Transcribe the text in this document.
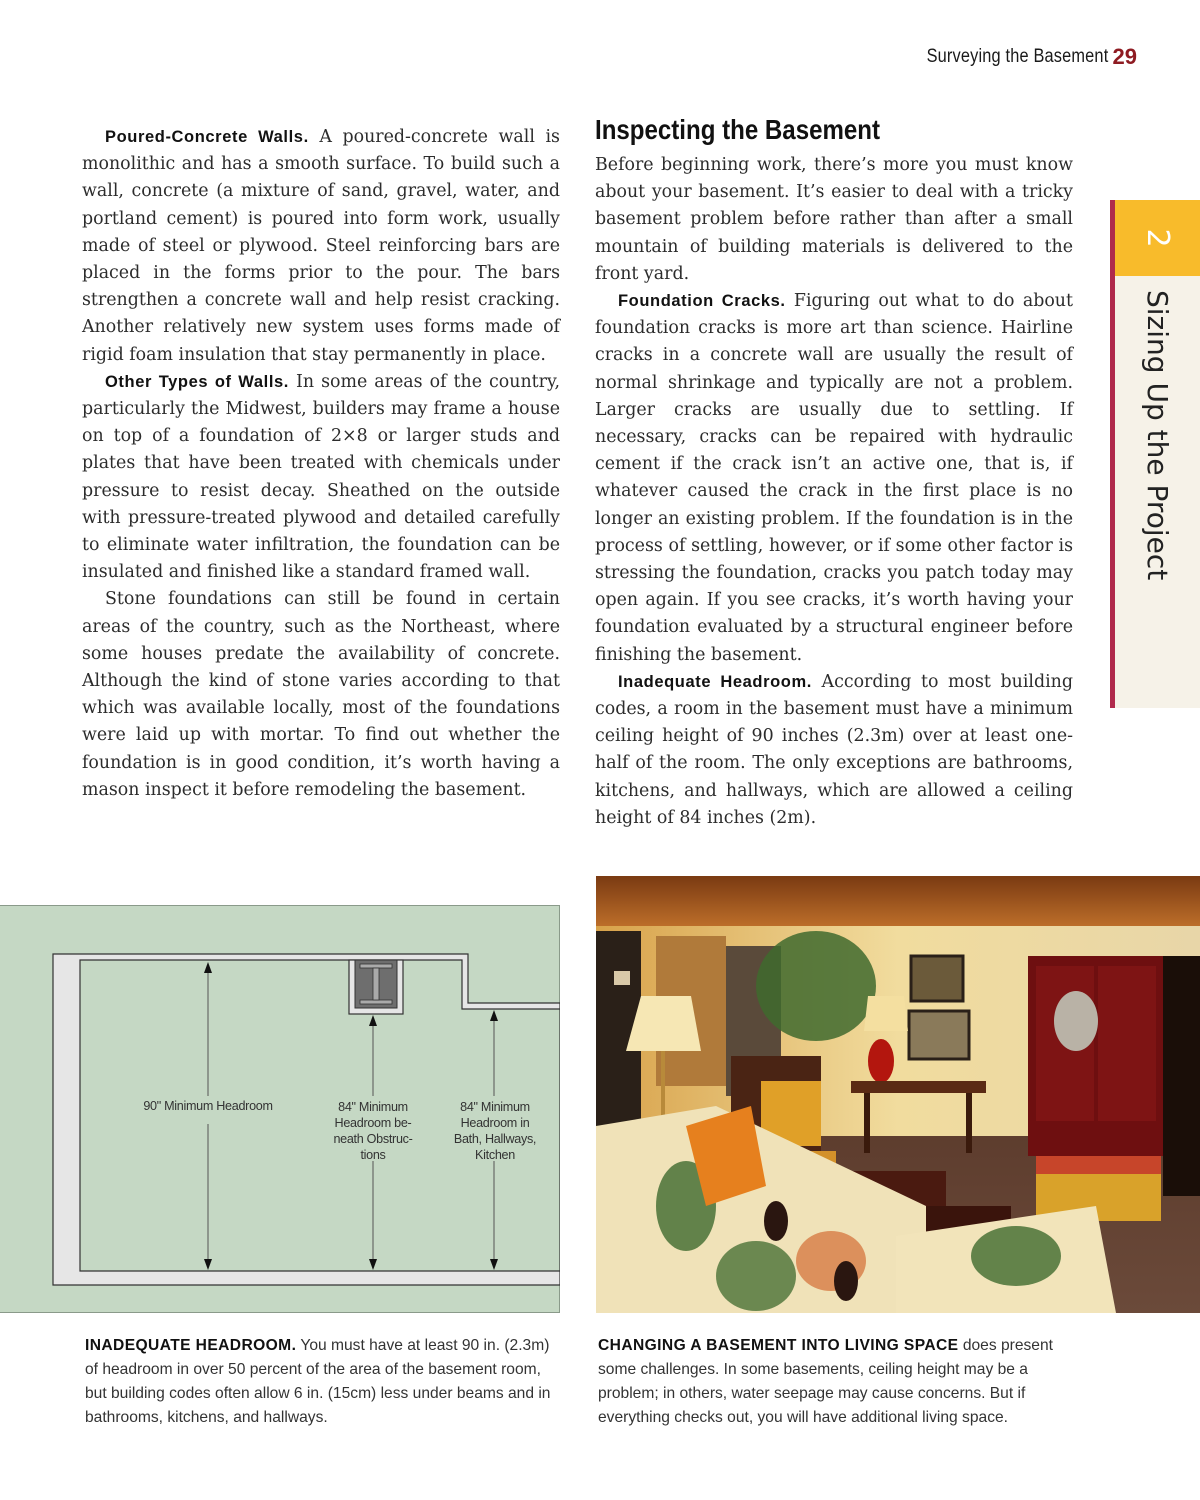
Surveying the Basement 29

Poured-Concrete Walls. A poured-concrete wall is monolithic and has a smooth surface. To build such a wall, concrete (a mixture of sand, gravel, water, and portland cement) is poured into form work, usually made of steel or plywood. Steel reinforcing bars are placed in the forms prior to the pour. The bars strengthen a concrete wall and help resist cracking. Another relatively new system uses forms made of rigid foam insulation that stay permanently in place.

Other Types of Walls. In some areas of the country, particularly the Midwest, builders may frame a house on top of a foundation of 2×8 or larger studs and plates that have been treated with chemicals under pressure to resist decay. Sheathed on the outside with pressure-treated plywood and detailed carefully to eliminate water infiltration, the foundation can be insulated and finished like a standard framed wall.

Stone foundations can still be found in certain areas of the country, such as the Northeast, where some houses predate the availability of concrete. Although the kind of stone varies according to that which was available locally, most of the foundations were laid up with mortar. To find out whether the foundation is in good condition, it’s worth having a mason inspect it before remodeling the basement.

Inspecting the Basement

Before beginning work, there’s more you must know about your basement. It’s easier to deal with a tricky basement problem before rather than after a small mountain of building materials is delivered to the front yard.

Foundation Cracks. Figuring out what to do about foundation cracks is more art than science. Hairline cracks in a concrete wall are usually the result of normal shrinkage and typically are not a problem. Larger cracks are usually due to settling. If necessary, cracks can be repaired with hydraulic cement if the crack isn’t an active one, that is, if whatever caused the crack in the first place is no longer an existing problem. If the foundation is in the process of settling, however, or if some other factor is stressing the foundation, cracks you patch today may open again. If you see cracks, it’s worth having your foundation evaluated by a structural engineer before finishing the basement.

Inadequate Headroom. According to most building codes, a room in the basement must have a minimum ceiling height of 90 inches (2.3m) over at least one-half of the room. The only exceptions are bathrooms, kitchens, and hallways, which are allowed a ceiling height of 84 inches (2m).

2
Sizing Up the Project
90" Minimum Headroom	84" Minimum
Headroom be-
neath Obstruc-
tions
84" Minimum
Headroom in
Bath, Hallways,
Kitchen
INADEQUATE HEADROOM. You must have at least 90 in. (2.3m) of headroom in over 50 percent of the area of the basement room, but building codes often allow 6 in. (15cm) less under beams and in bathrooms, kitchens, and hallways.
CHANGING A BASEMENT INTO LIVING SPACE does present some challenges. In some basements, ceiling height may be a problem; in others, water seepage may cause concerns. But if everything checks out, you will have additional living space.
